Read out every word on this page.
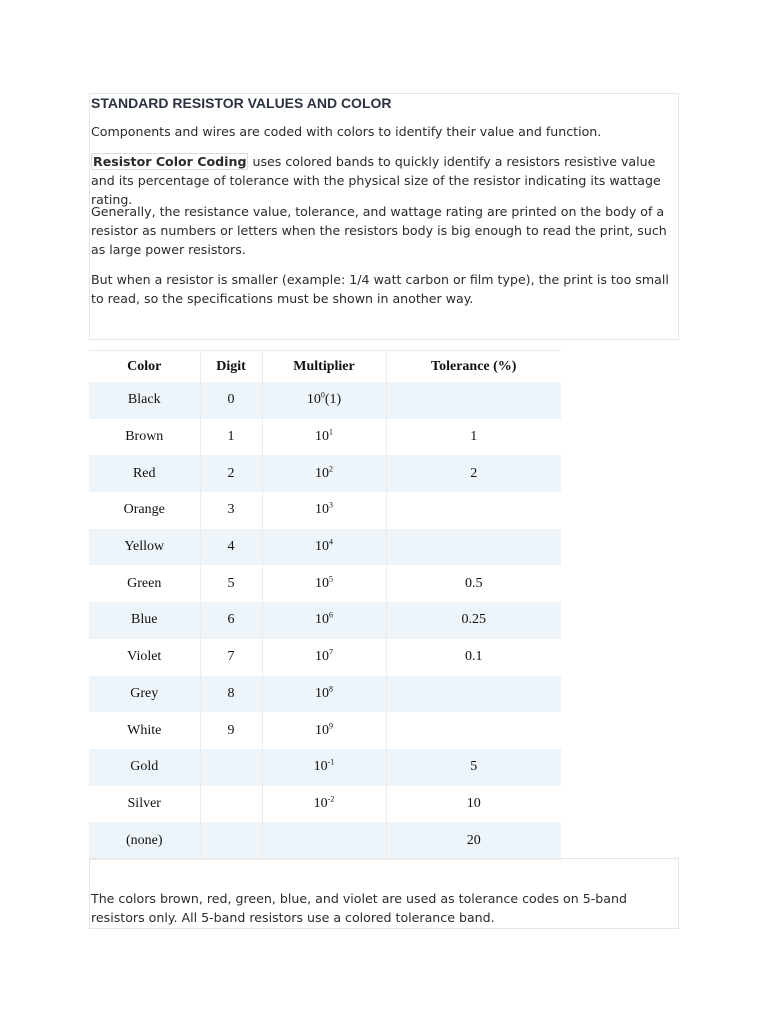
STANDARD RESISTOR VALUES AND COLOR

Components and wires are coded with colors to identify their value and function.

Resistor Color Coding uses colored bands to quickly identify a resistors resistive value and its percentage of tolerance with the physical size of the resistor indicating its wattage rating.

Generally, the resistance value, tolerance, and wattage rating are printed on the body of a resistor as numbers or letters when the resistors body is big enough to read the print, such as large power resistors.

But when a resistor is smaller (example: 1/4 watt carbon or film type), the print is too small to read, so the specifications must be shown in another way.

Color	Digit	Multiplier	Tolerance (%)
Black	0	$10^0(1)$	
Brown	1	$10^1$	1
Red	2	$10^2$	2
Orange	3	$10^3$	
Yellow	4	$10^4$	
Green	5	$10^5$	0.5
Blue	6	$10^6$	0.25
Violet	7	$10^7$	0.1
Grey	8	$10^8$	
White	9	$10^9$	
Gold		$10^{-1}$	5
Silver		$10^{-2}$	10
(none)			20

The colors brown, red, green, blue, and violet are used as tolerance codes on 5-band resistors only. All 5-band resistors use a colored tolerance band.
